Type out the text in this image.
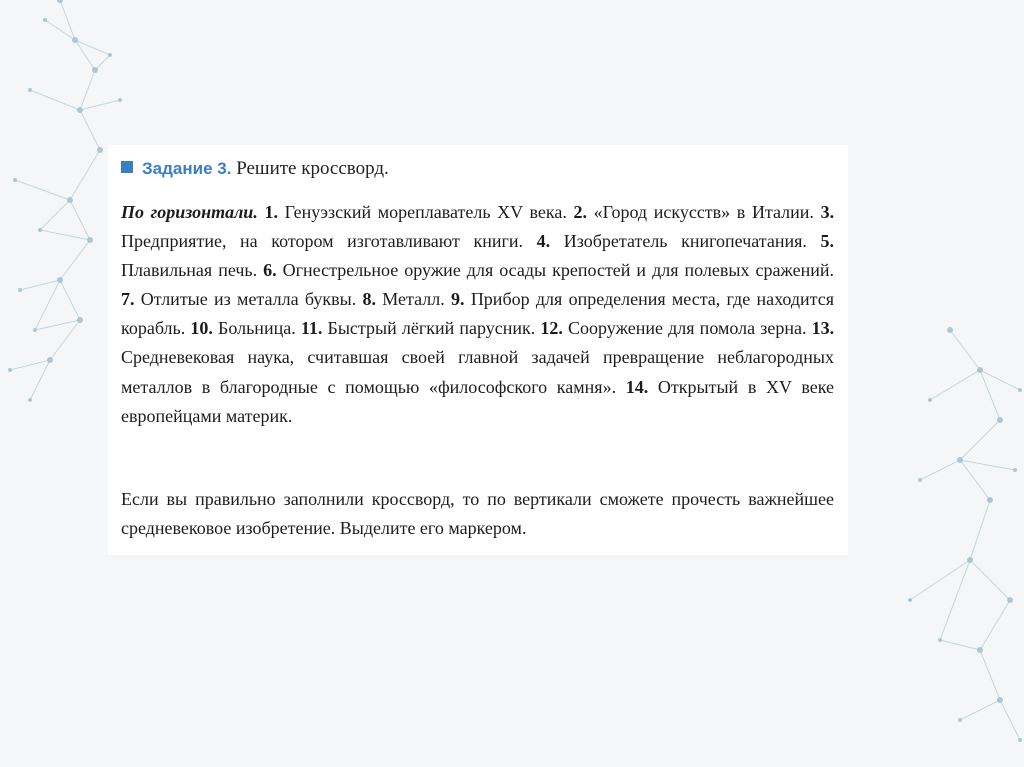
Задание 3. Решите кроссворд.
По горизонтали. 1. Генуэзский мореплаватель XV века. 2. «Город искусств» в Италии. 3. Предприятие, на котором изготавливают книги. 4. Изобретатель книгопечатания. 5. Плавильная печь. 6. Огнестрельное оружие для осады крепостей и для полевых сражений. 7. Отлитые из металла буквы. 8. Металл. 9. Прибор для определения места, где находится корабль. 10. Больница. 11. Быстрый лёгкий парусник. 12. Сооружение для помола зерна. 13. Средневековая наука, считавшая своей главной задачей превращение неблагородных металлов в благородные с помощью «философского камня». 14. Открытый в XV веке европейцами материк.
Если вы правильно заполнили кроссворд, то по вертикали сможете прочесть важнейшее средневековое изобретение. Выделите его маркером.
